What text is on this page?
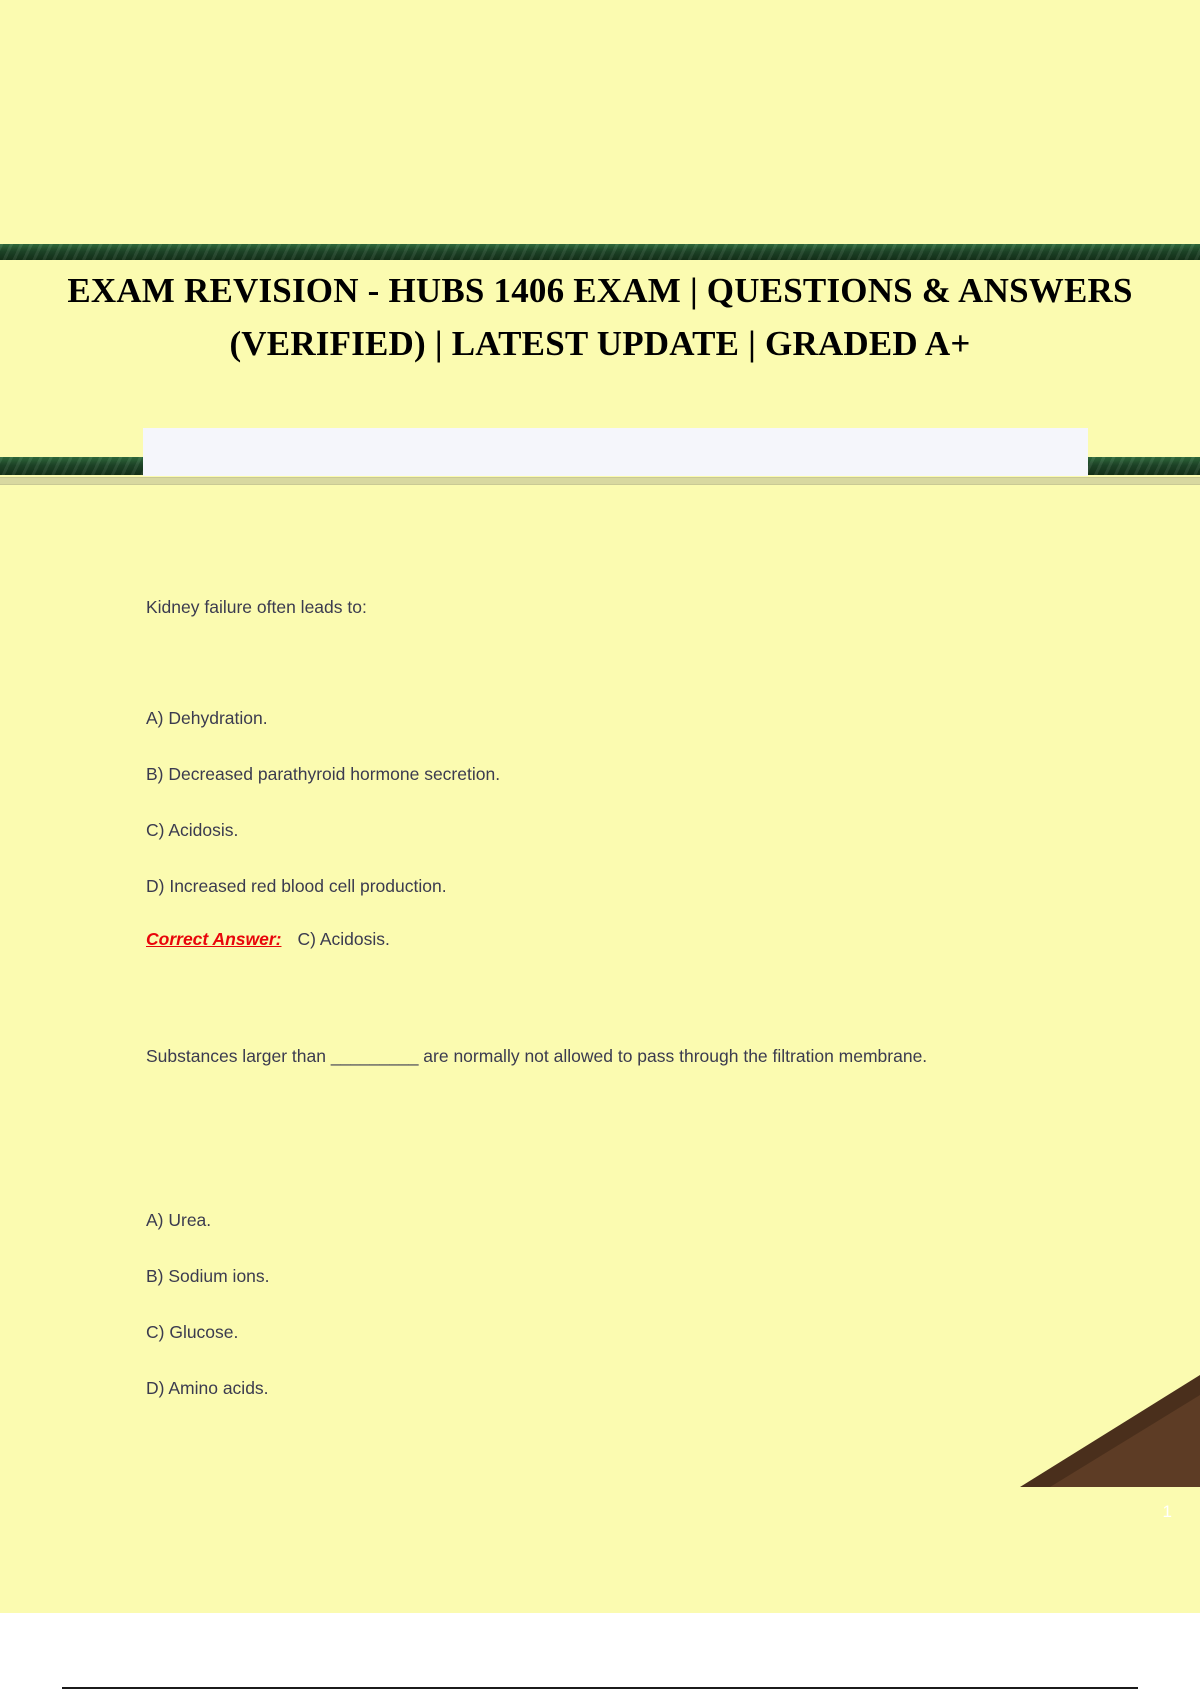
EXAM REVISION - HUBS 1406 EXAM | QUESTIONS & ANSWERS (VERIFIED) | LATEST UPDATE | GRADED A+
Kidney failure often leads to:
A) Dehydration.
B) Decreased parathyroid hormone secretion.
C) Acidosis.
D) Increased red blood cell production.
Correct Answer: C) Acidosis.
Substances larger than _________ are normally not allowed to pass through the filtration membrane.
A) Urea.
B) Sodium ions.
C) Glucose.
D) Amino acids.
1
